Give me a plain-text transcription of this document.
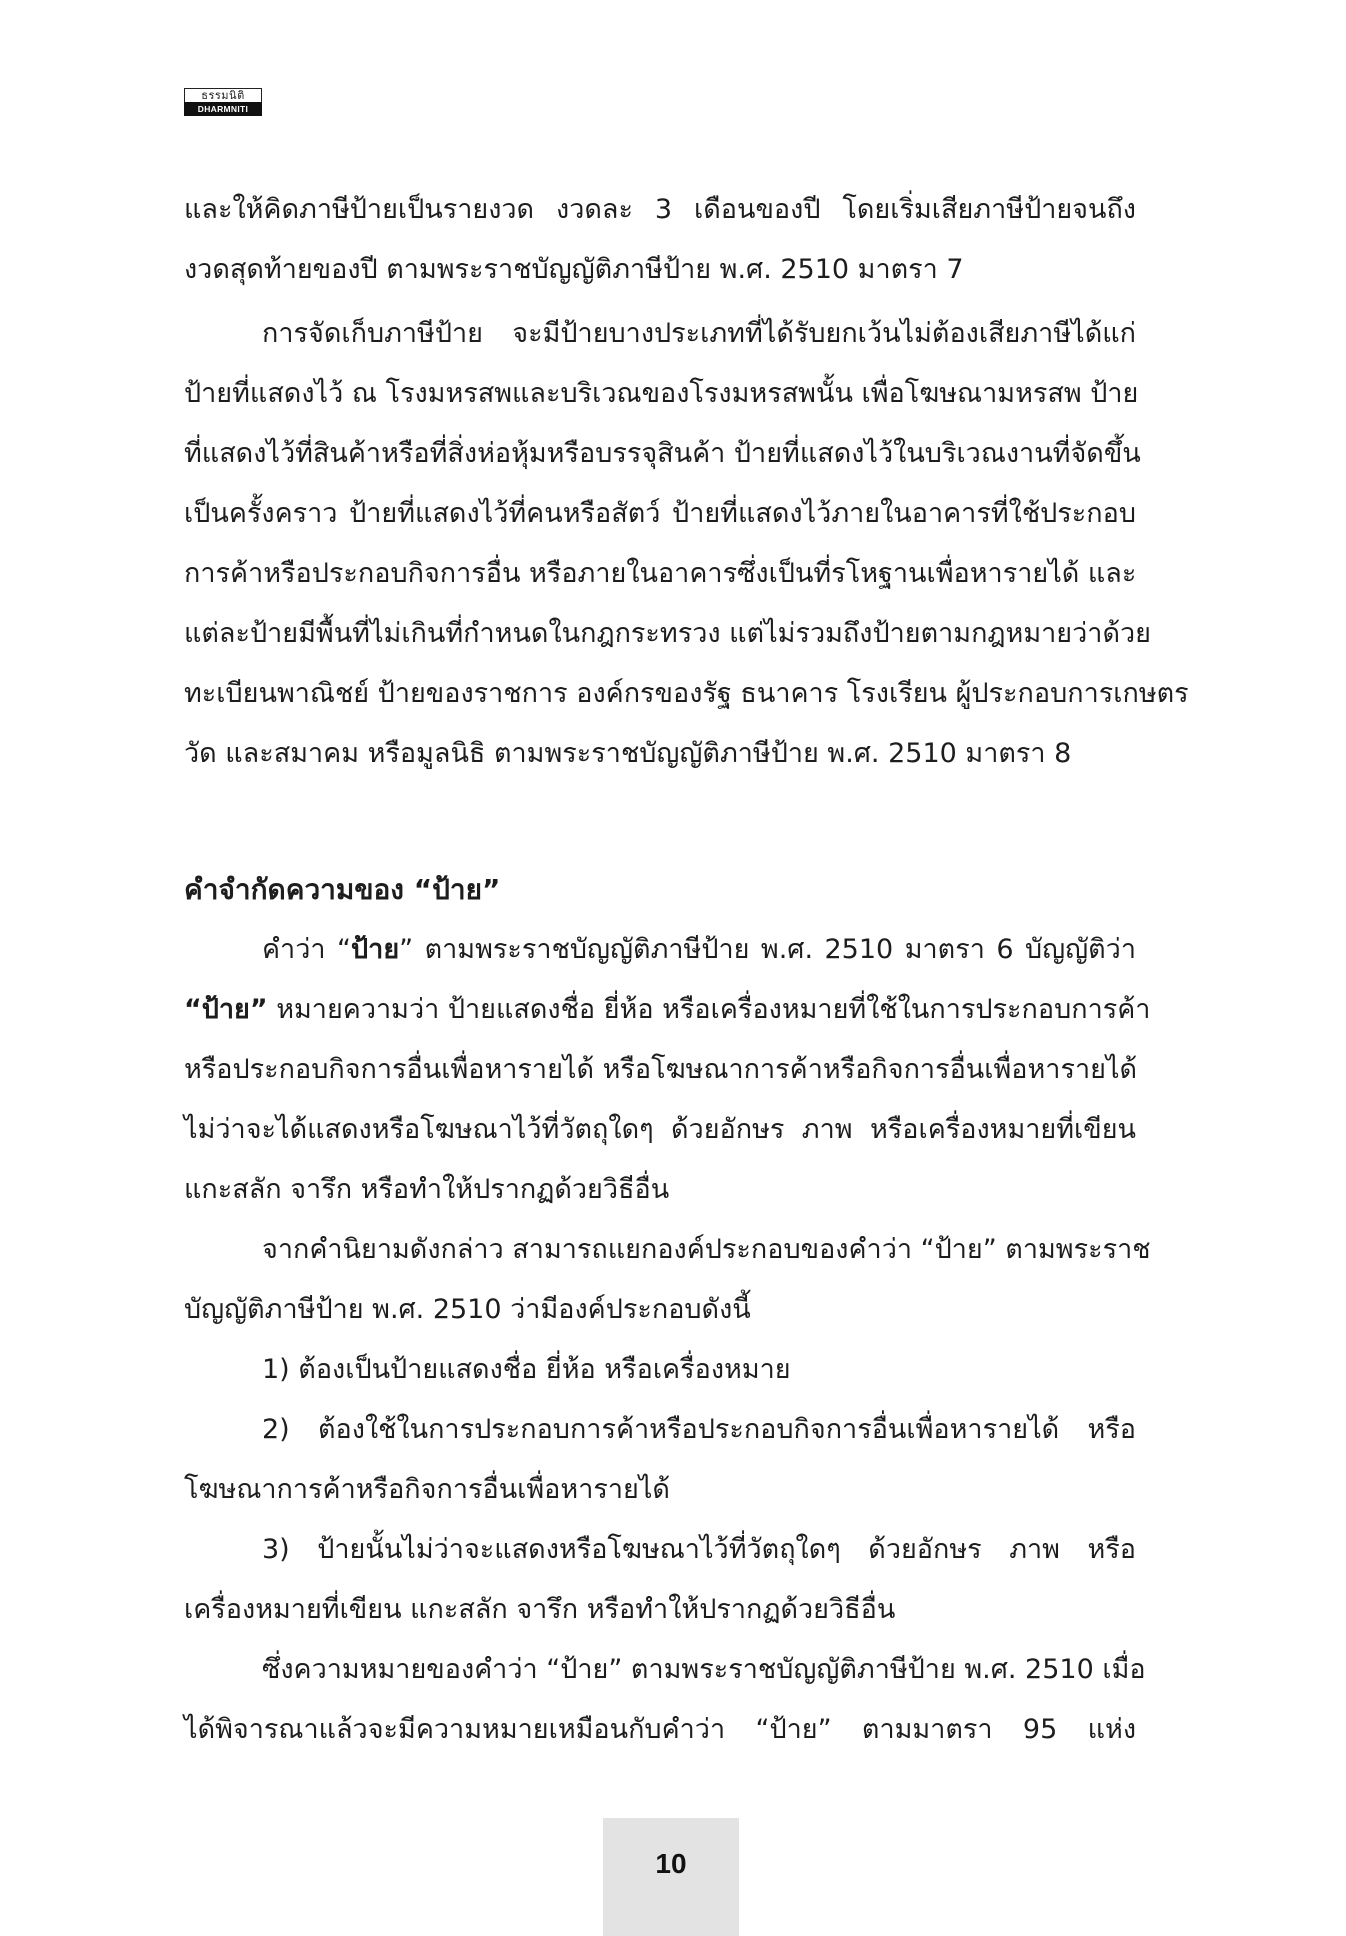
ธรรมนิติ
DHARMNITI
และให้คิดภาษีป้ายเป็นรายงวด งวดละ 3 เดือนของปี โดยเริ่มเสียภาษีป้ายจนถึง
งวดสุดท้ายของปี ตามพระราชบัญญัติภาษีป้าย พ.ศ. 2510 มาตรา 7
การจัดเก็บภาษีป้าย จะมีป้ายบางประเภทที่ได้รับยกเว้นไม่ต้องเสียภาษีได้แก่
ป้ายที่แสดงไว้ ณ โรงมหรสพและบริเวณของโรงมหรสพนั้น เพื่อโฆษณามหรสพ ป้าย
ที่แสดงไว้ที่สินค้าหรือที่สิ่งห่อหุ้มหรือบรรจุสินค้า ป้ายที่แสดงไว้ในบริเวณงานที่จัดขึ้น
เป็นครั้งคราว ป้ายที่แสดงไว้ที่คนหรือสัตว์ ป้ายที่แสดงไว้ภายในอาคารที่ใช้ประกอบ
การค้าหรือประกอบกิจการอื่น หรือภายในอาคารซึ่งเป็นที่รโหฐานเพื่อหารายได้ และ
แต่ละป้ายมีพื้นที่ไม่เกินที่กำหนดในกฎกระทรวง แต่ไม่รวมถึงป้ายตามกฎหมายว่าด้วย
ทะเบียนพาณิชย์ ป้ายของราชการ องค์กรของรัฐ ธนาคาร โรงเรียน ผู้ประกอบการเกษตร
วัด และสมาคม หรือมูลนิธิ ตามพระราชบัญญัติภาษีป้าย พ.ศ. 2510 มาตรา 8
คำจำกัดความของ “ป้าย”
คำว่า “ป้าย” ตามพระราชบัญญัติภาษีป้าย พ.ศ. 2510 มาตรา 6 บัญญัติว่า
“ป้าย” หมายความว่า ป้ายแสดงชื่อ ยี่ห้อ หรือเครื่องหมายที่ใช้ในการประกอบการค้า
หรือประกอบกิจการอื่นเพื่อหารายได้ หรือโฆษณาการค้าหรือกิจการอื่นเพื่อหารายได้
ไม่ว่าจะได้แสดงหรือโฆษณาไว้ที่วัตถุใดๆ ด้วยอักษร ภาพ หรือเครื่องหมายที่เขียน
แกะสลัก จารึก หรือทำให้ปรากฏด้วยวิธีอื่น
จากคำนิยามดังกล่าว สามารถแยกองค์ประกอบของคำว่า “ป้าย” ตามพระราช
บัญญัติภาษีป้าย พ.ศ. 2510 ว่ามีองค์ประกอบดังนี้
1) ต้องเป็นป้ายแสดงชื่อ ยี่ห้อ หรือเครื่องหมาย
2) ต้องใช้ในการประกอบการค้าหรือประกอบกิจการอื่นเพื่อหารายได้ หรือ
โฆษณาการค้าหรือกิจการอื่นเพื่อหารายได้
3) ป้ายนั้นไม่ว่าจะแสดงหรือโฆษณาไว้ที่วัตถุใดๆ ด้วยอักษร ภาพ หรือ
เครื่องหมายที่เขียน แกะสลัก จารึก หรือทำให้ปรากฏด้วยวิธีอื่น
ซึ่งความหมายของคำว่า “ป้าย” ตามพระราชบัญญัติภาษีป้าย พ.ศ. 2510 เมื่อ
ได้พิจารณาแล้วจะมีความหมายเหมือนกับคำว่า “ป้าย” ตามมาตรา 95 แห่ง
10
